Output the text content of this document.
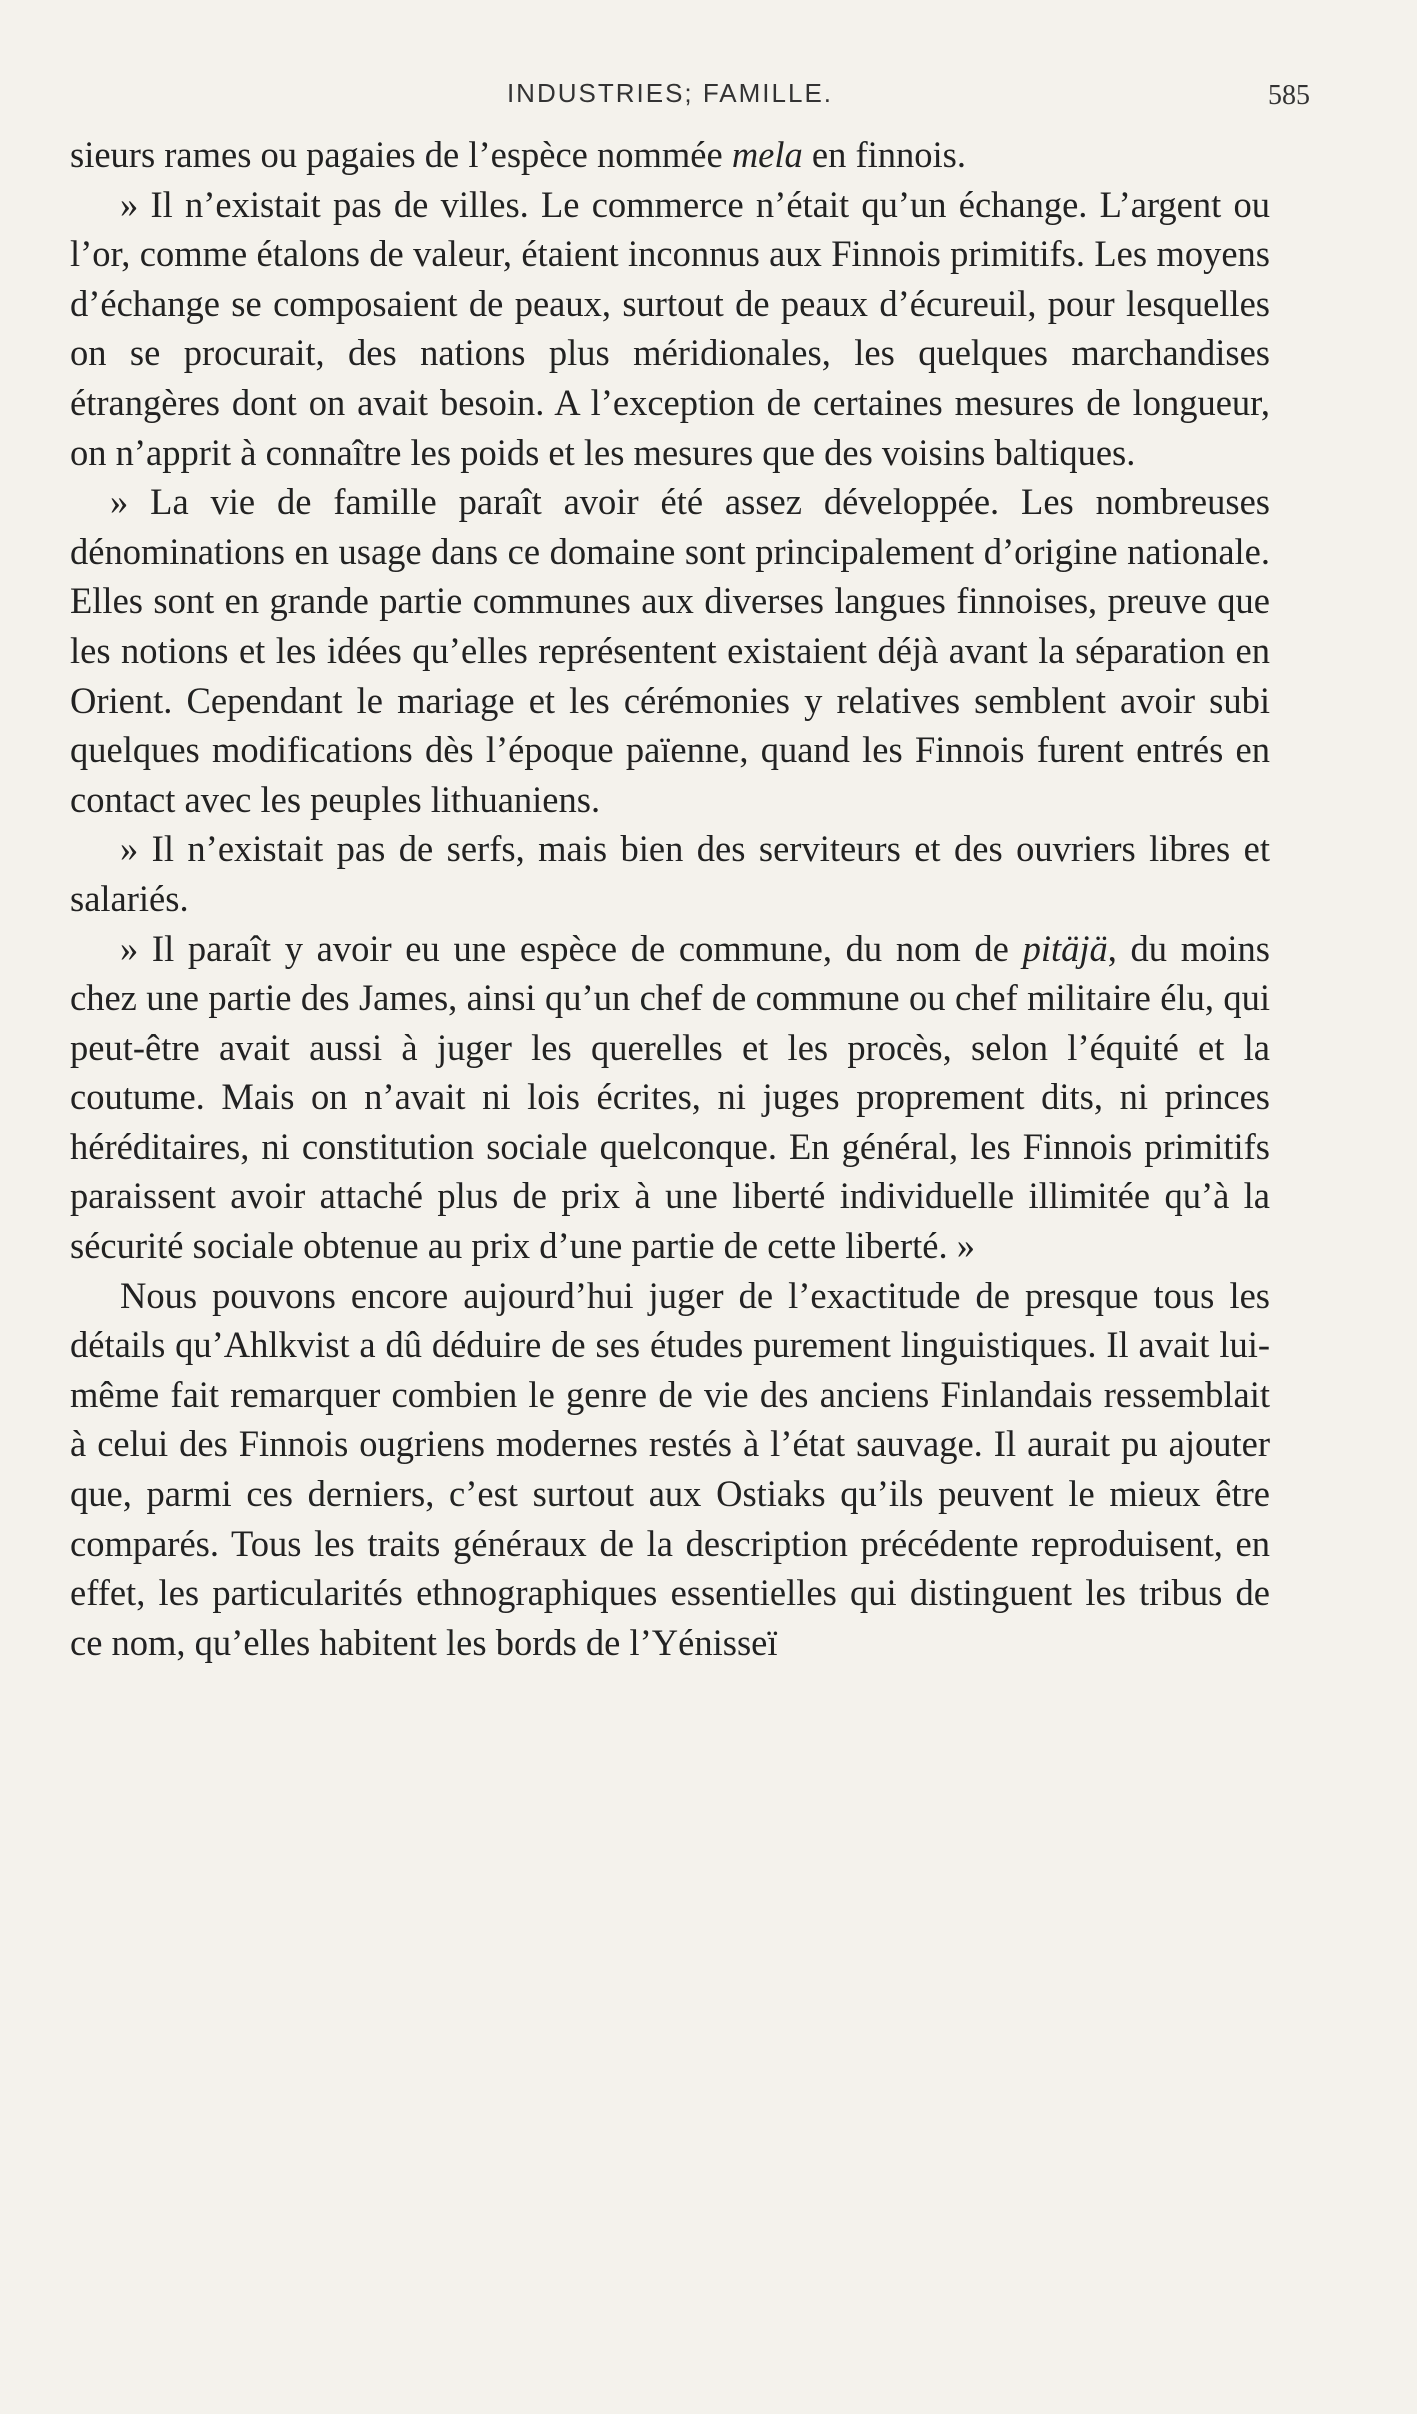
INDUSTRIES; FAMILLE.	585

sieurs rames ou pagaies de l’espèce nommée mela en finnois.

» Il n’existait pas de villes. Le commerce n’était qu’un échange. L’argent ou l’or, comme étalons de valeur, étaient inconnus aux Finnois primitifs. Les moyens d’échange se composaient de peaux, surtout de peaux d’écureuil, pour lesquelles on se procurait, des nations plus méridionales, les quelques marchandises étrangères dont on avait besoin. A l’exception de certaines mesures de longueur, on n’apprit à connaître les poids et les mesures que des voisins baltiques.

» La vie de famille paraît avoir été assez développée. Les nombreuses dénominations en usage dans ce domaine sont principalement d’origine nationale. Elles sont en grande partie communes aux diverses langues finnoises, preuve que les notions et les idées qu’elles représentent existaient déjà avant la séparation en Orient. Cependant le mariage et les cérémonies y relatives semblent avoir subi quelques modifications dès l’époque païenne, quand les Finnois furent entrés en contact avec les peuples lithuaniens.

» Il n’existait pas de serfs, mais bien des serviteurs et des ouvriers libres et salariés.

» Il paraît y avoir eu une espèce de commune, du nom de pitäjä, du moins chez une partie des James, ainsi qu’un chef de commune ou chef militaire élu, qui peut-être avait aussi à juger les querelles et les procès, selon l’équité et la coutume. Mais on n’avait ni lois écrites, ni juges proprement dits, ni princes héréditaires, ni constitution sociale quelconque. En général, les Finnois primitifs paraissent avoir attaché plus de prix à une liberté individuelle illimitée qu’à la sécurité sociale obtenue au prix d’une partie de cette liberté. »

Nous pouvons encore aujourd’hui juger de l’exactitude de presque tous les détails qu’Ahlkvist a dû déduire de ses études purement linguistiques. Il avait lui-même fait remarquer combien le genre de vie des anciens Finlandais ressemblait à celui des Finnois ougriens modernes restés à l’état sauvage. Il aurait pu ajouter que, parmi ces derniers, c’est surtout aux Ostiaks qu’ils peuvent le mieux être comparés. Tous les traits généraux de la description précédente reproduisent, en effet, les particularités ethnographiques essentielles qui distinguent les tribus de ce nom, qu’elles habitent les bords de l’Yénisseï
